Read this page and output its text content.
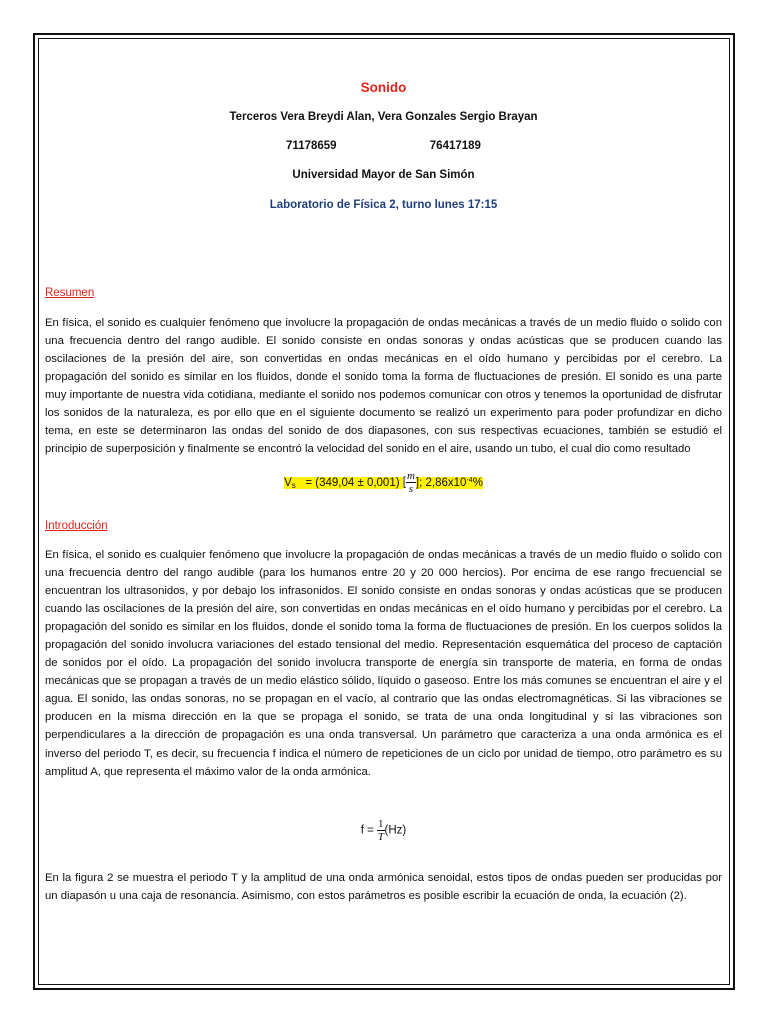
Sonido
Terceros Vera Breydi Alan, Vera Gonzales Sergio Brayan
71178659	76417189
Universidad Mayor de San Simón
Laboratorio de Física 2, turno lunes 17:15
Resumen
En física, el sonido es cualquier fenómeno que involucre la propagación de ondas mecánicas a través de un medio fluido o solido con una frecuencia dentro del rango audible. El sonido consiste en ondas sonoras y ondas acústicas que se producen cuando las oscilaciones de la presión del aire, son convertidas en ondas mecánicas en el oído humano y percibidas por el cerebro. La propagación del sonido es similar en los fluidos, donde el sonido toma la forma de fluctuaciones de presión. El sonido es una parte muy importante de nuestra vida cotidiana, mediante el sonido nos podemos comunicar con otros y tenemos la oportunidad de disfrutar los sonidos de la naturaleza, es por ello que en el siguiente documento se realizó un experimento para poder profundizar en dicho tema, en este se determinaron las ondas del sonido de dos diapasones, con sus respectivas ecuaciones, también se estudió el principio de superposición y finalmente se encontró la velocidad del sonido en el aire, usando un tubo, el cual dio como resultado
$V_s = (349,04 \pm 0,001)$ [ $\frac{m}{s}$ ]; $2,86x10^{-4}\%$
Introducción
En física, el sonido es cualquier fenómeno que involucre la propagación de ondas mecánicas a través de un medio fluido o solido con una frecuencia dentro del rango audible (para los humanos entre 20 y 20 000 hercios). Por encima de ese rango frecuencial se encuentran los ultrasonidos, y por debajo los infrasonidos. El sonido consiste en ondas sonoras y ondas acústicas que se producen cuando las oscilaciones de la presión del aire, son convertidas en ondas mecánicas en el oído humano y percibidas por el cerebro. La propagación del sonido es similar en los fluidos, donde el sonido toma la forma de fluctuaciones de presión. En los cuerpos solidos la propagación del sonido involucra variaciones del estado tensional del medio. Representación esquemática del proceso de captación de sonidos por el oído. La propagación del sonido involucra transporte de energía sin transporte de materia, en forma de ondas mecánicas que se propagan a través de un medio elástico sólido, líquido o gaseoso. Entre los más comunes se encuentran el aire y el agua. El sonido, las ondas sonoras, no se propagan en el vacío, al contrario que las ondas electromagnéticas. Si las vibraciones se producen en la misma dirección en la que se propaga el sonido, se trata de una onda longitudinal y si las vibraciones son perpendiculares a la dirección de propagación es una onda transversal. Un parámetro que caracteriza a una onda armónica es el inverso del periodo T, es decir, su frecuencia f indica el número de repeticiones de un ciclo por unidad de tiempo, otro parámetro es su amplitud A, que representa el máximo valor de la onda armónica.
$f = \frac{1}{T} (Hz)$
En la figura 2 se muestra el periodo T y la amplitud de una onda armónica senoidal, estos tipos de ondas pueden ser producidas por un diapasón u una caja de resonancia. Asimismo, con estos parámetros es posible escribir la ecuación de onda, la ecuación (2).
